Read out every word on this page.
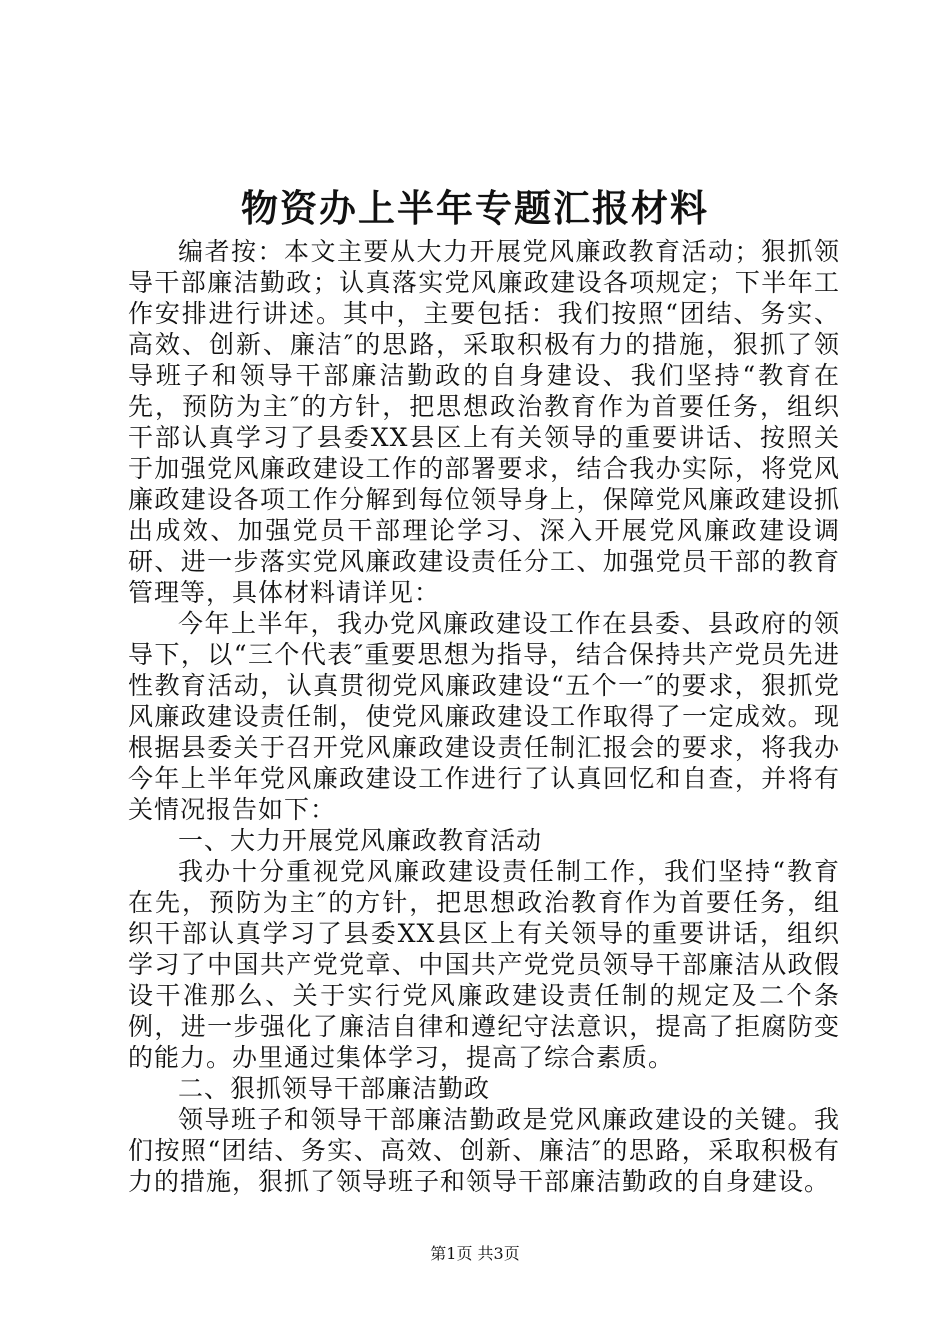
物资办上半年专题汇报材料

编者按：本文主要从大力开展党风廉政教育活动；狠抓领导干部廉洁勤政；认真落实党风廉政建设各项规定；下半年工作安排进行讲述。其中，主要包括：我们按照“团结、务实、高效、创新、廉洁″的思路，采取积极有力的措施，狠抓了领导班子和领导干部廉洁勤政的自身建设、我们坚持“教育在先，预防为主″的方针，把思想政治教育作为首要任务，组织干部认真学习了县委XX县区上有关领导的重要讲话、按照关于加强党风廉政建设工作的部署要求，结合我办实际，将党风廉政建设各项工作分解到每位领导身上，保障党风廉政建设抓出成效、加强党员干部理论学习、深入开展党风廉政建设调研、进一步落实党风廉政建设责任分工、加强党员干部的教育管理等，具体材料请详见：

今年上半年，我办党风廉政建设工作在县委、县政府的领导下，以“三个代表″重要思想为指导，结合保持共产党员先进性教育活动，认真贯彻党风廉政建设“五个一″的要求，狠抓党风廉政建设责任制，使党风廉政建设工作取得了一定成效。现根据县委关于召开党风廉政建设责任制汇报会的要求，将我办今年上半年党风廉政建设工作进行了认真回忆和自查，并将有关情况报告如下：

一、大力开展党风廉政教育活动

我办十分重视党风廉政建设责任制工作，我们坚持“教育在先，预防为主″的方针，把思想政治教育作为首要任务，组织干部认真学习了县委XX县区上有关领导的重要讲话，组织学习了中国共产党党章、中国共产党党员领导干部廉洁从政假设干准那么、关于实行党风廉政建设责任制的规定及二个条例，进一步强化了廉洁自律和遵纪守法意识，提高了拒腐防变的能力。办里通过集体学习，提高了综合素质。

二、狠抓领导干部廉洁勤政

领导班子和领导干部廉洁勤政是党风廉政建设的关键。我们按照“团结、务实、高效、创新、廉洁″的思路，采取积极有力的措施，狠抓了领导班子和领导干部廉洁勤政的自身建设。

第1页 共3页
